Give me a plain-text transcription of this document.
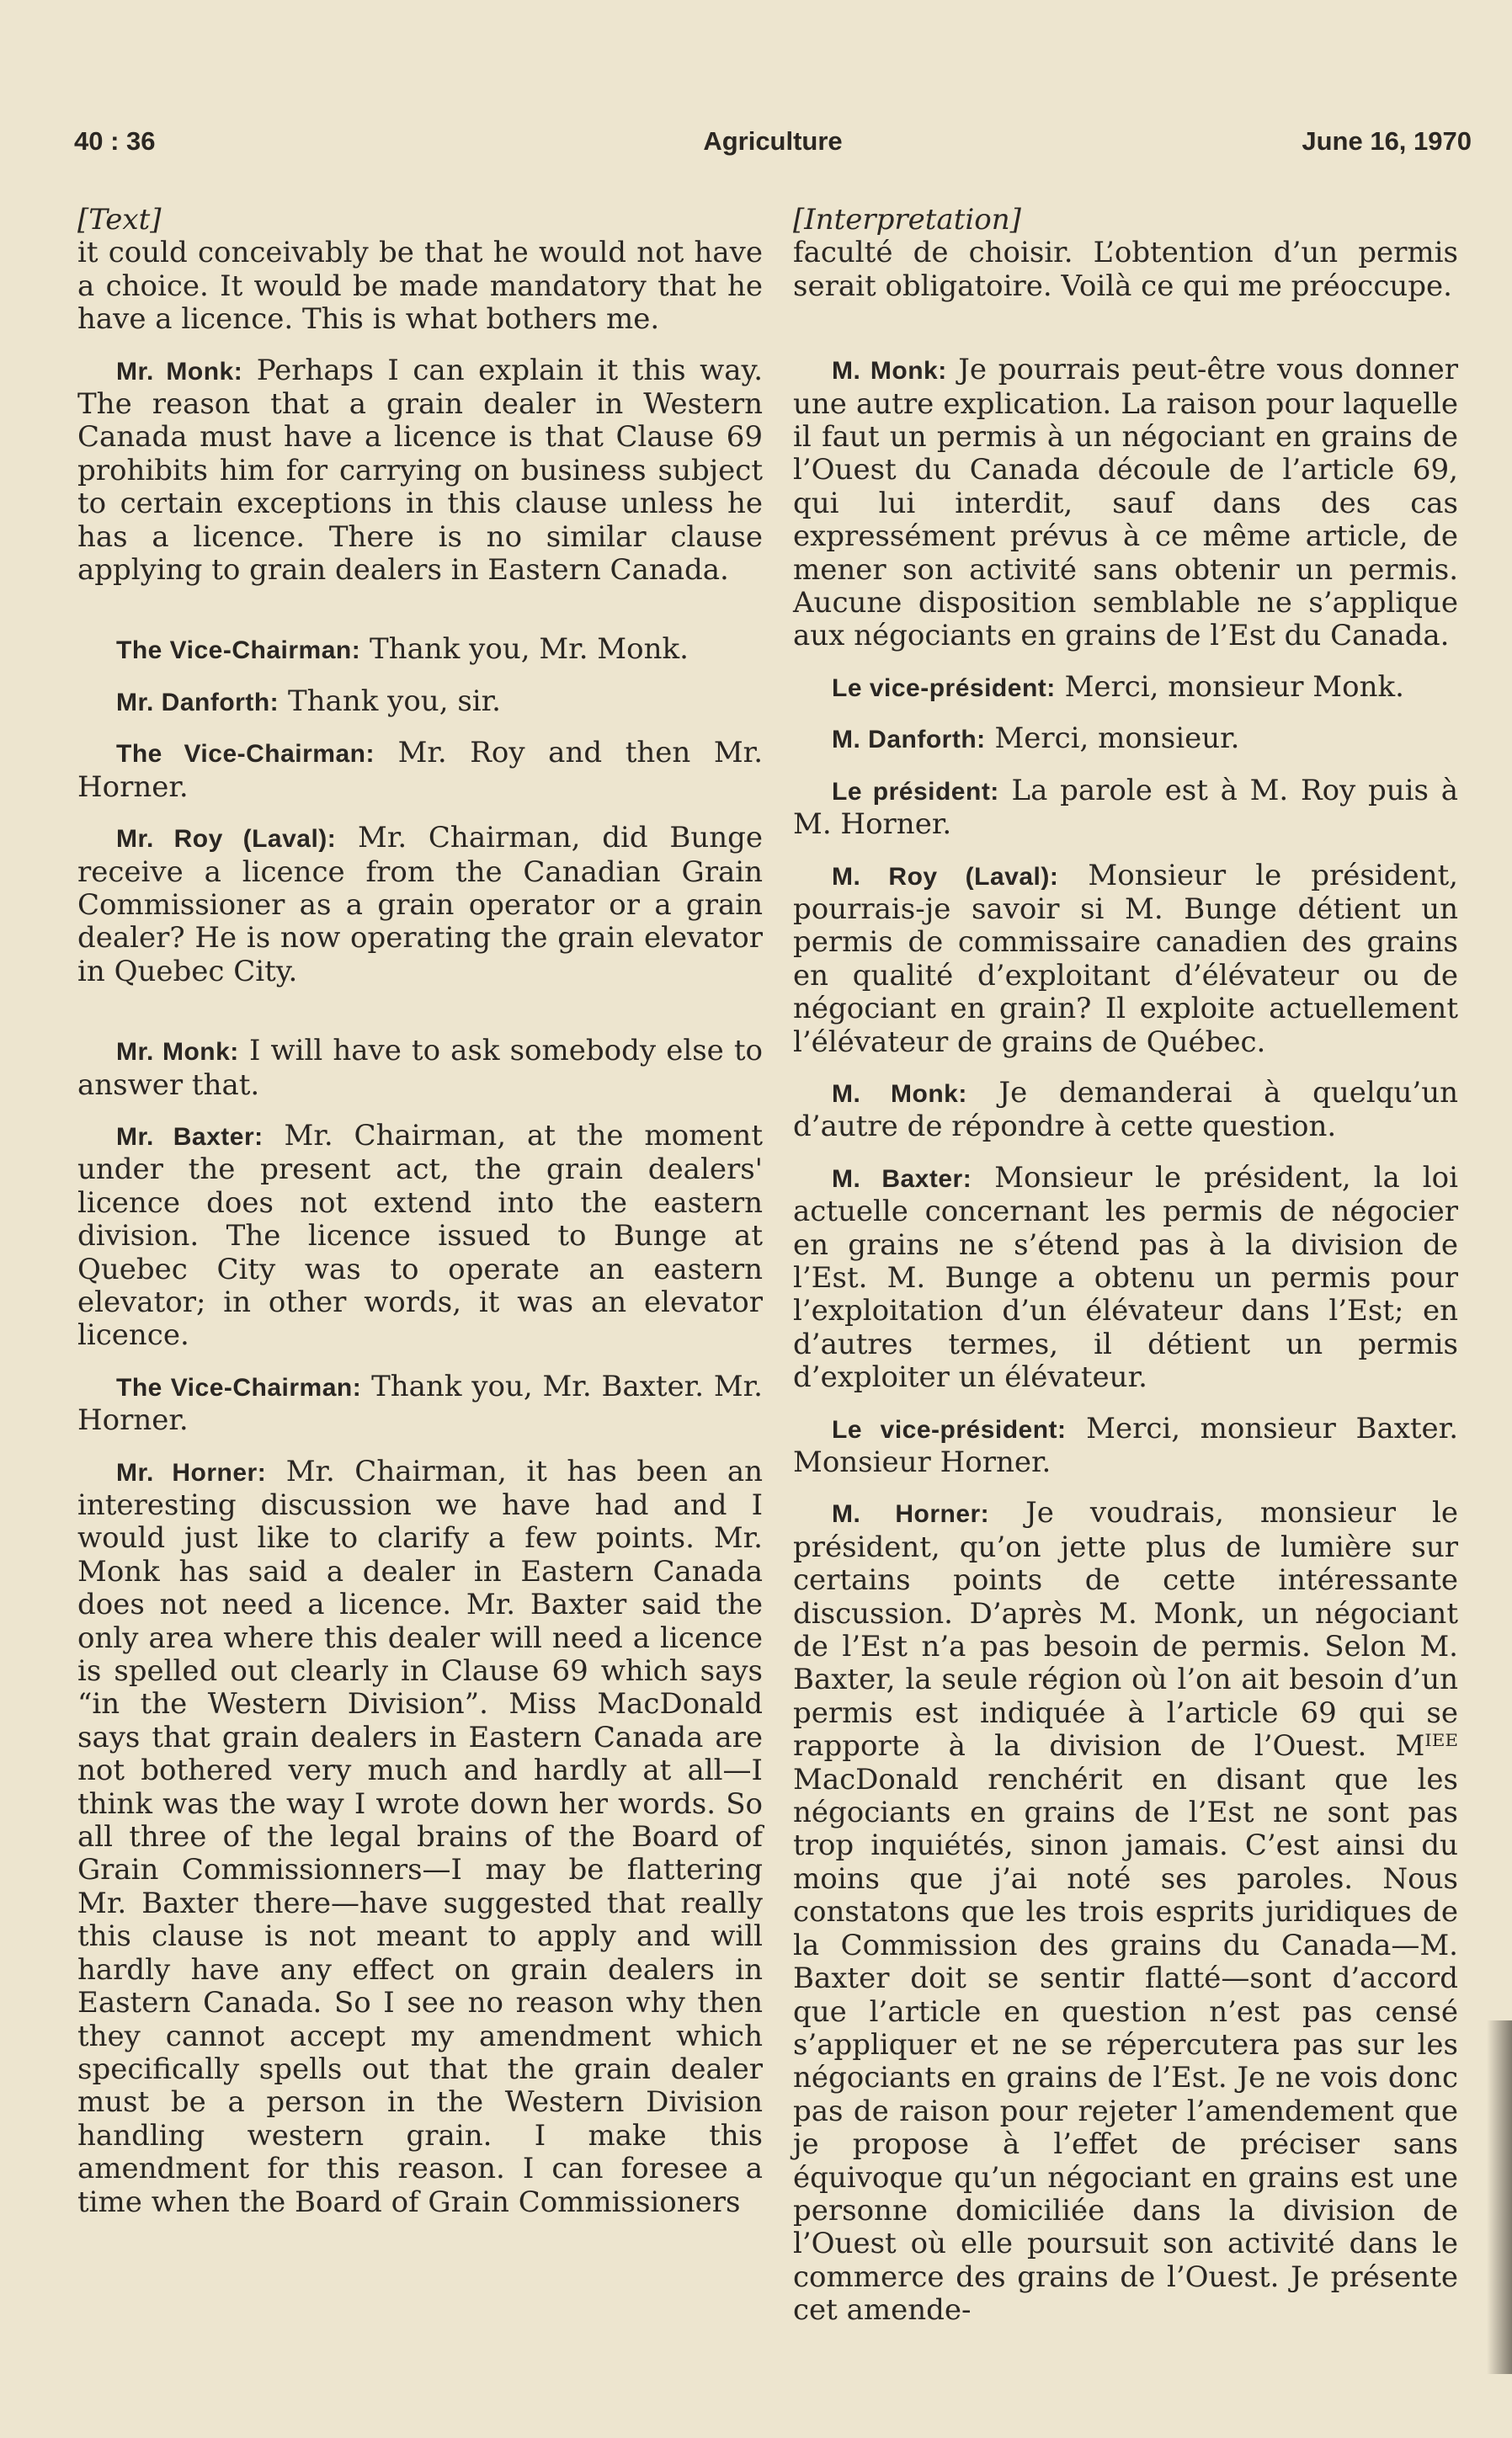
40 : 36	Agriculture	June 16, 1970
[Text]

it could conceivably be that he would not have a choice. It would be made mandatory that he have a licence. This is what bothers me.

Mr. Monk: Perhaps I can explain it this way. The reason that a grain dealer in Western Canada must have a licence is that Clause 69 prohibits him for carrying on business subject to certain exceptions in this clause unless he has a licence. There is no similar clause applying to grain dealers in Eastern Canada.

The Vice-Chairman: Thank you, Mr. Monk.

Mr. Danforth: Thank you, sir.

The Vice-Chairman: Mr. Roy and then Mr. Horner.

Mr. Roy (Laval): Mr. Chairman, did Bunge receive a licence from the Canadian Grain Commissioner as a grain operator or a grain dealer? He is now operating the grain elevator in Quebec City.

Mr. Monk: I will have to ask somebody else to answer that.

Mr. Baxter: Mr. Chairman, at the moment under the present act, the grain dealers' licence does not extend into the eastern division. The licence issued to Bunge at Quebec City was to operate an eastern elevator; in other words, it was an elevator licence.

The Vice-Chairman: Thank you, Mr. Baxter. Mr. Horner.

Mr. Horner: Mr. Chairman, it has been an interesting discussion we have had and I would just like to clarify a few points. Mr. Monk has said a dealer in Eastern Canada does not need a licence. Mr. Baxter said the only area where this dealer will need a licence is spelled out clearly in Clause 69 which says “in the Western Division”. Miss MacDonald says that grain dealers in Eastern Canada are not bothered very much and hardly at all—I think was the way I wrote down her words. So all three of the legal brains of the Board of Grain Commissionners—I may be flattering Mr. Baxter there—have suggested that really this clause is not meant to apply and will hardly have any effect on grain dealers in Eastern Canada. So I see no reason why then they cannot accept my amendment which specifically spells out that the grain dealer must be a person in the Western Division handling western grain. I make this amendment for this reason. I can foresee a time when the Board of Grain Commissioners

[Interpretation]

faculté de choisir. L’obtention d’un permis serait obligatoire. Voilà ce qui me préoccupe.

M. Monk: Je pourrais peut-être vous donner une autre explication. La raison pour laquelle il faut un permis à un négociant en grains de l’Ouest du Canada découle de l’article 69, qui lui interdit, sauf dans des cas expressément prévus à ce même article, de mener son activité sans obtenir un permis. Aucune disposition semblable ne s’applique aux négociants en grains de l’Est du Canada.

Le vice-président: Merci, monsieur Monk.

M. Danforth: Merci, monsieur.

Le président: La parole est à M. Roy puis à M. Horner.

M. Roy (Laval): Monsieur le président, pourrais-je savoir si M. Bunge détient un permis de commissaire canadien des grains en qualité d’exploitant d’élévateur ou de négociant en grain? Il exploite actuellement l’élévateur de grains de Québec.

M. Monk: Je demanderai à quelqu’un d’autre de répondre à cette question.

M. Baxter: Monsieur le président, la loi actuelle concernant les permis de négocier en grains ne s’étend pas à la division de l’Est. M. Bunge a obtenu un permis pour l’exploitation d’un élévateur dans l’Est; en d’autres termes, il détient un permis d’exploiter un élévateur.

Le vice-président: Merci, monsieur Baxter. Monsieur Horner.

M. Horner: Je voudrais, monsieur le président, qu’on jette plus de lumière sur certains points de cette intéressante discussion. D’après M. Monk, un négociant de l’Est n’a pas besoin de permis. Selon M. Baxter, la seule région où l’on ait besoin d’un permis est indiquée à l’article 69 qui se rapporte à la division de l’Ouest. Mᴵᴱᴱ MacDonald renchérit en disant que les négociants en grains de l’Est ne sont pas trop inquiétés, sinon jamais. C’est ainsi du moins que j’ai noté ses paroles. Nous constatons que les trois esprits juridiques de la Commission des grains du Canada—M. Baxter doit se sentir flatté—sont d’accord que l’article en question n’est pas censé s’appliquer et ne se répercutera pas sur les négociants en grains de l’Est. Je ne vois donc pas de raison pour rejeter l’amendement que je propose à l’effet de préciser sans équivoque qu’un négociant en grains est une personne domiciliée dans la division de l’Ouest où elle poursuit son activité dans le commerce des grains de l’Ouest. Je présente cet amende-
